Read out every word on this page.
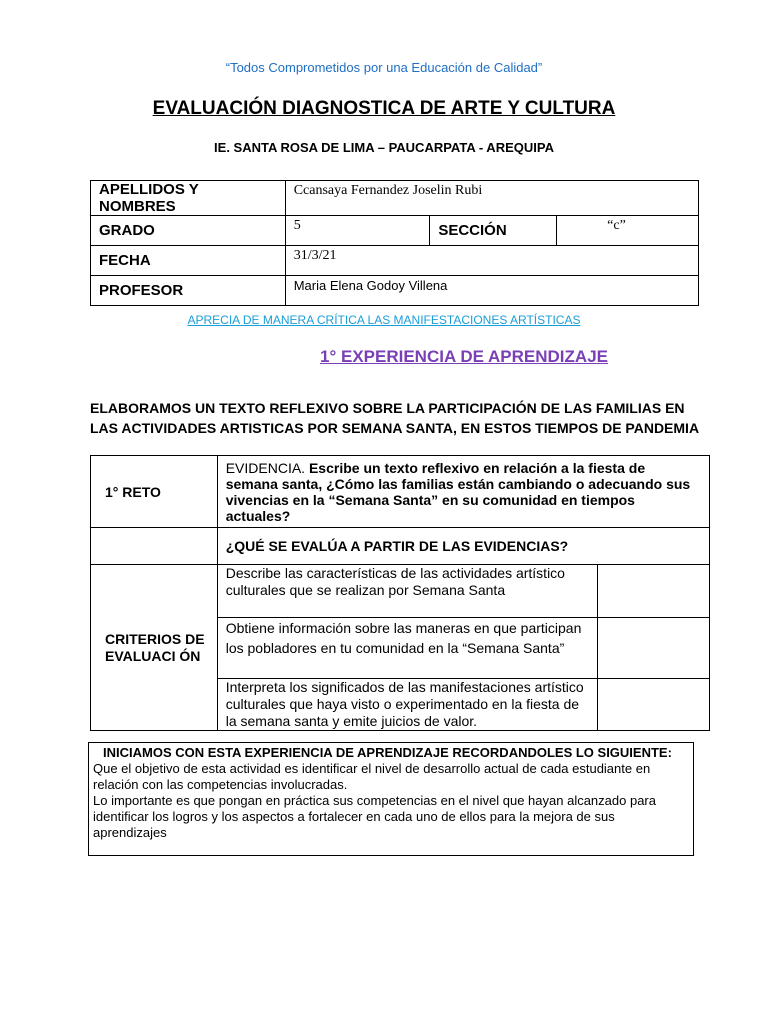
“Todos Comprometidos por una Educación de Calidad”
EVALUACIÓN DIAGNOSTICA DE ARTE Y CULTURA
IE. SANTA ROSA DE LIMA – PAUCARPATA - AREQUIPA
APELLIDOS Y NOMBRES	Ccansaya Fernandez Joselin Rubi		
GRADO	5	SECCIÓN	“c”
FECHA	31/3/21		
PROFESOR	Maria Elena Godoy Villena		
APRECIA DE MANERA CRÍTICA LAS MANIFESTACIONES ARTÍSTICAS
1° EXPERIENCIA DE APRENDIZAJE
ELABORAMOS UN TEXTO REFLEXIVO SOBRE LA PARTICIPACIÓN DE LAS FAMILIAS EN LAS ACTIVIDADES ARTISTICAS POR SEMANA SANTA, EN ESTOS TIEMPOS DE PANDEMIA
1° RETO	EVIDENCIA. Escribe un texto reflexivo en relación a la fiesta de semana santa, ¿Cómo las familias están cambiando o adecuando sus vivencias en la “Semana Santa” en su comunidad en tiempos actuales?	
	¿QUÉ SE EVALÚA A PARTIR DE LAS EVIDENCIAS?	
CRITERIOS DE EVALUACI ÓN	Describe las características de las actividades artístico culturales que se realizan por Semana Santa	
	Obtiene información sobre las maneras en que participan los pobladores en tu comunidad en la “Semana Santa”	
	Interpreta los significados de las manifestaciones artístico culturales que haya visto o experimentado en la fiesta de la semana santa y emite juicios de valor.	
INICIAMOS CON ESTA EXPERIENCIA DE APRENDIZAJE RECORDANDOLES LO SIGUIENTE:
Que el objetivo de esta actividad es identificar el nivel de desarrollo actual de cada estudiante en relación con las competencias involucradas.
Lo importante es que pongan en práctica sus competencias en el nivel que hayan alcanzado para identificar los logros y los aspectos a fortalecer en cada uno de ellos para la mejora de sus aprendizajes
